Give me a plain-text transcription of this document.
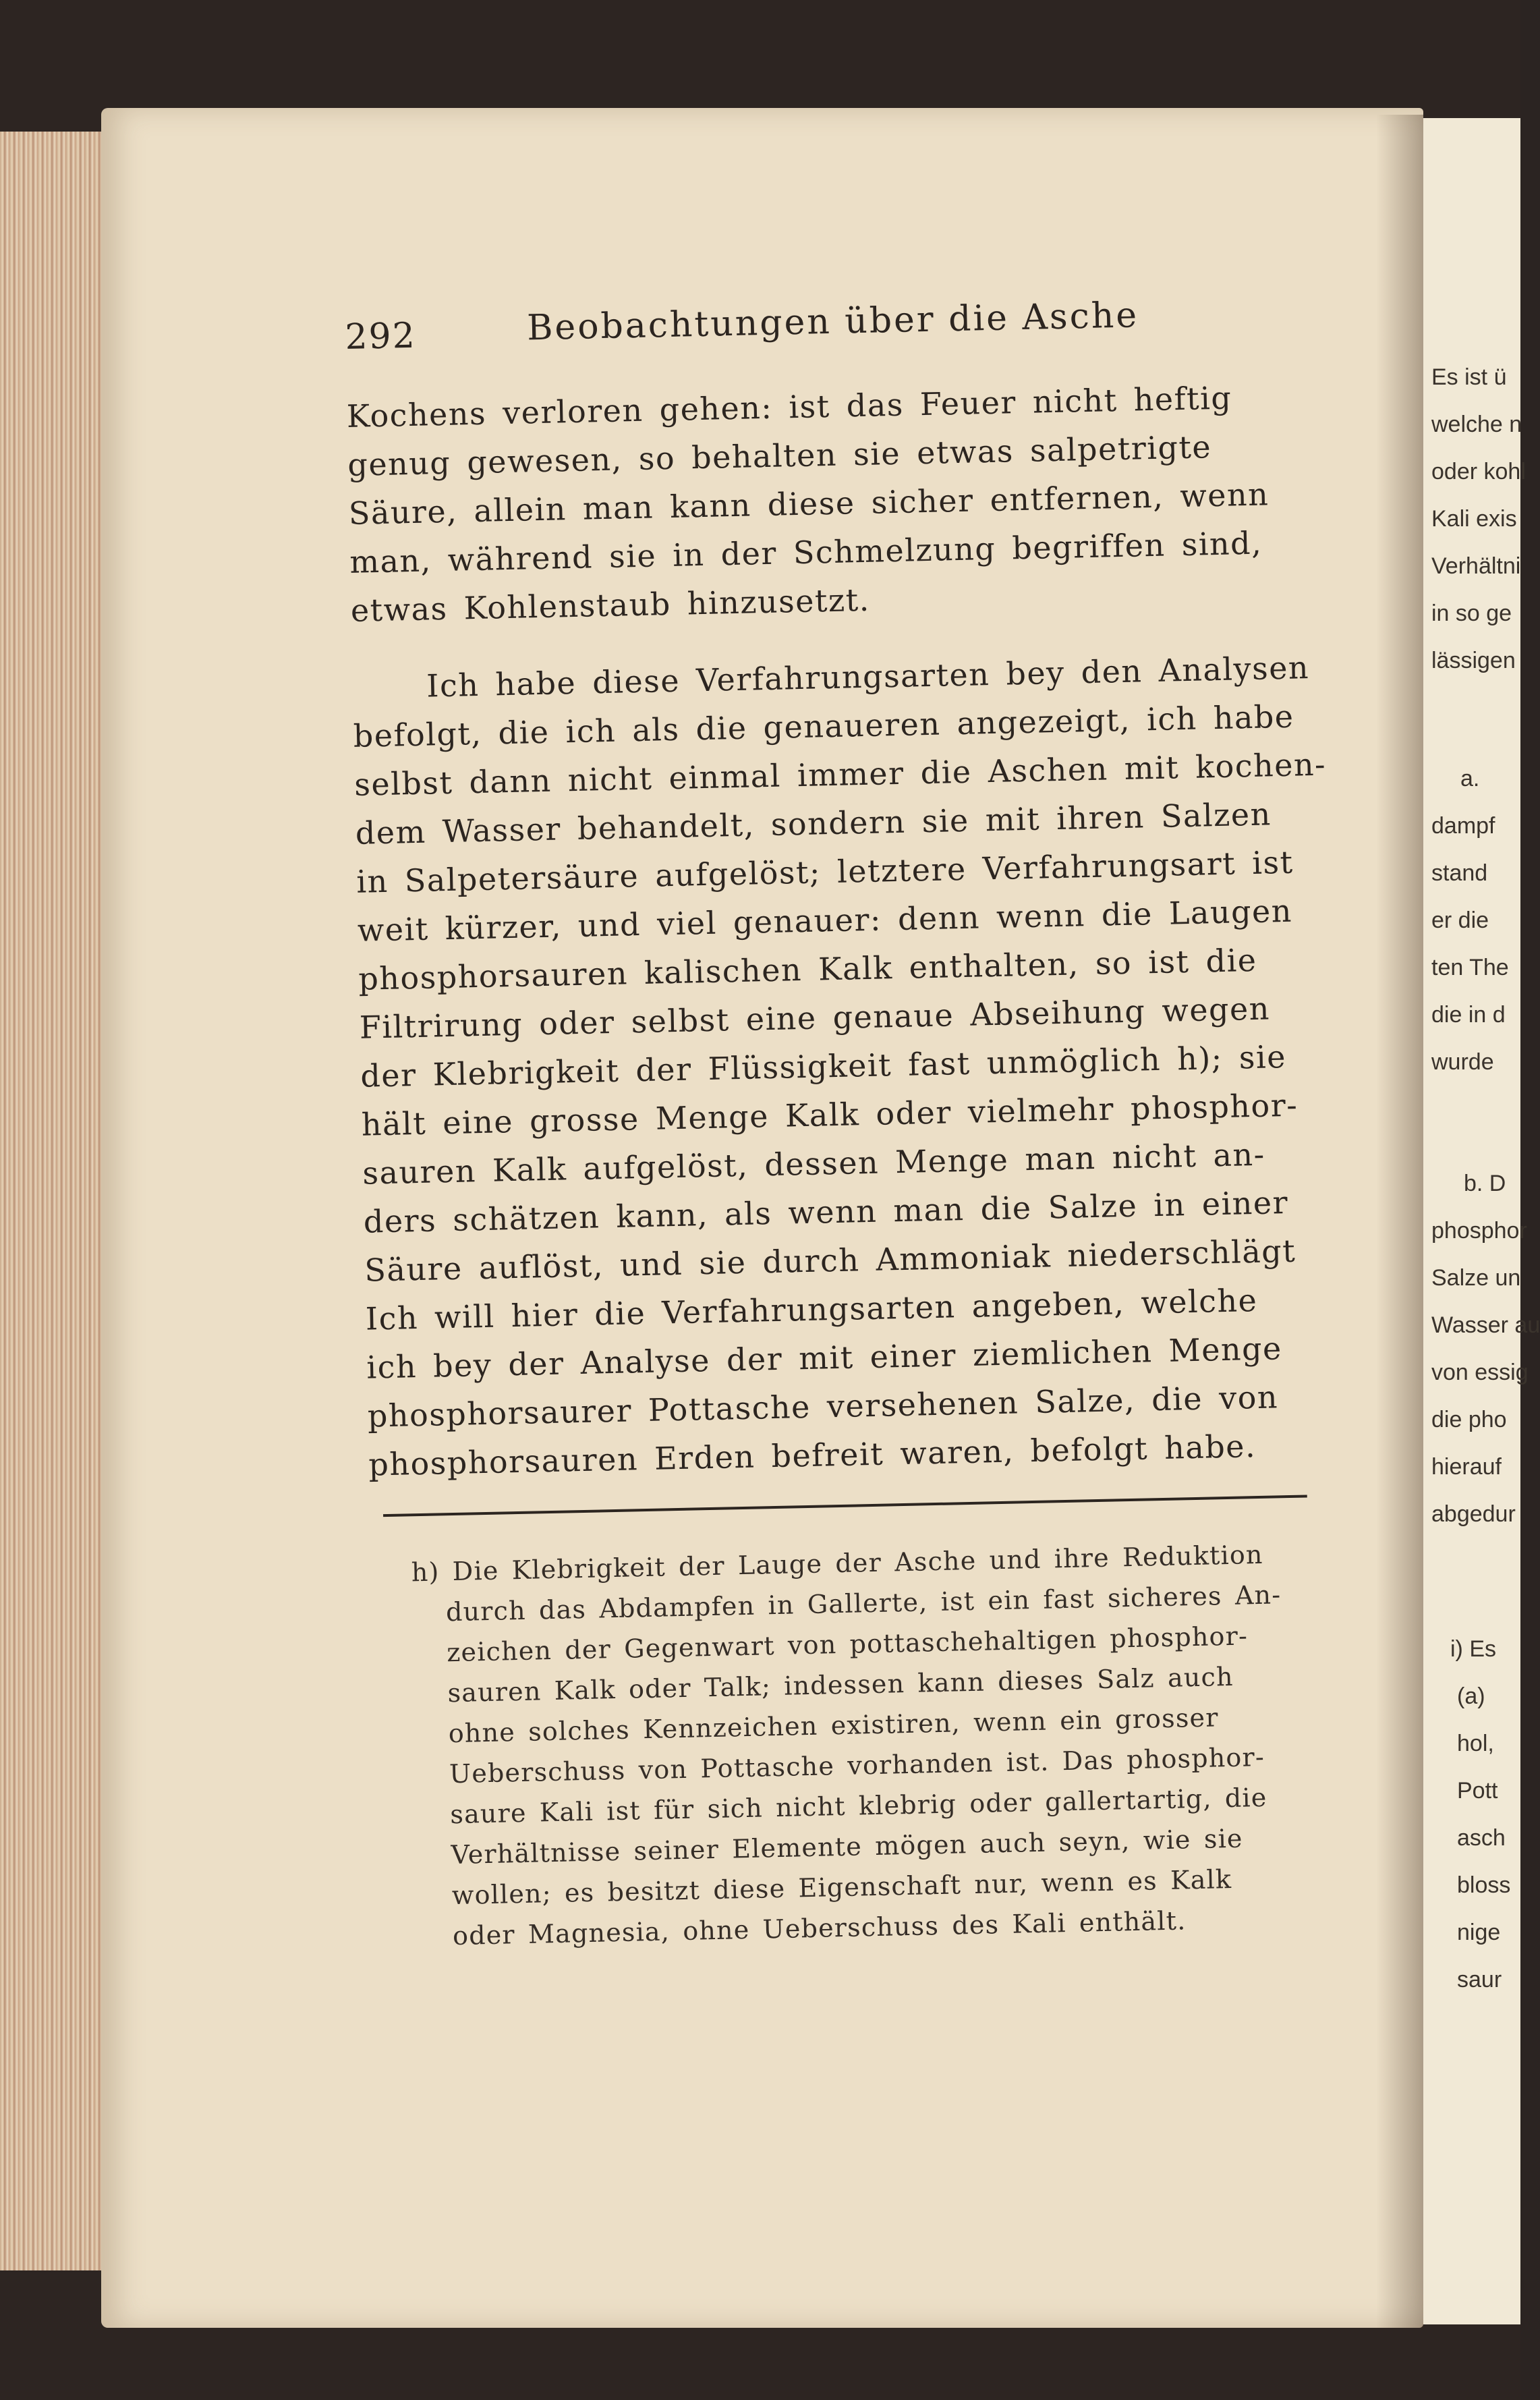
Es ist ü
welche n
oder kohl
Kali exis
Verhältni
in so ge
lässigen
a.
dampf
stand
er die
ten The
die in d
wurde
b. D
phosphor
Salze un
Wasser au
von essig
die pho
hierauf
abgedur
i) Es
(a)
hol,
Pott
asch
bloss
nige
saur
292	Beobachtungen über die Asche
Kochens verloren gehen: ist das Feuer nicht heftig
genug gewesen, so behalten sie etwas salpetrigte
Säure, allein man kann diese sicher entfernen, wenn
man, während sie in der Schmelzung begriffen sind,
etwas Kohlenstaub hinzusetzt.
Ich habe diese Verfahrungsarten bey den Analysen
befolgt, die ich als die genaueren angezeigt, ich habe
selbst dann nicht einmal immer die Aschen mit kochen-
dem Wasser behandelt, sondern sie mit ihren Salzen
in Salpetersäure aufgelöst; letztere Verfahrungsart ist
weit kürzer, und viel genauer: denn wenn die Laugen
phosphorsauren kalischen Kalk enthalten, so ist die
Filtrirung oder selbst eine genaue Abseihung wegen
der Klebrigkeit der Flüssigkeit fast unmöglich h); sie
hält eine grosse Menge Kalk oder vielmehr phosphor-
sauren Kalk aufgelöst, dessen Menge man nicht an-
ders schätzen kann, als wenn man die Salze in einer
Säure auflöst, und sie durch Ammoniak niederschlägt
Ich will hier die Verfahrungsarten angeben, welche
ich bey der Analyse der mit einer ziemlichen Menge
phosphorsaurer Pottasche versehenen Salze, die von
phosphorsauren Erden befreit waren, befolgt habe.
h) Die Klebrigkeit der Lauge der Asche und ihre Reduktion
durch das Abdampfen in Gallerte, ist ein fast sicheres An-
zeichen der Gegenwart von pottaschehaltigen phosphor-
sauren Kalk oder Talk; indessen kann dieses Salz auch
ohne solches Kennzeichen existiren, wenn ein grosser
Ueberschuss von Pottasche vorhanden ist. Das phosphor-
saure Kali ist für sich nicht klebrig oder gallertartig, die
Verhältnisse seiner Elemente mögen auch seyn, wie sie
wollen; es besitzt diese Eigenschaft nur, wenn es Kalk
oder Magnesia, ohne Ueberschuss des Kali enthält.
